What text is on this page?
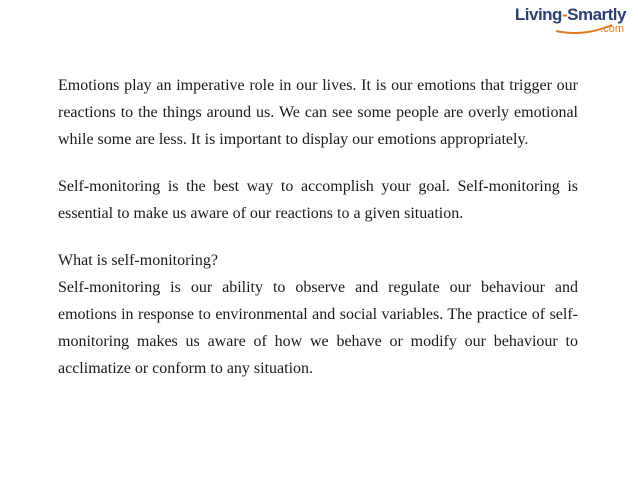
Living-Smartly
.com

Emotions play an imperative role in our lives. It is our emotions that trigger our reactions to the things around us. We can see some people are overly emotional while some are less. It is important to display our emotions appropriately.

Self-monitoring is the best way to accomplish your goal. Self-monitoring is essential to make us aware of our reactions to a given situation.

What is self-monitoring?

Self-monitoring is our ability to observe and regulate our behaviour and emotions in response to environmental and social variables. The practice of self-monitoring makes us aware of how we behave or modify our behaviour to acclimatize or conform to any situation.
